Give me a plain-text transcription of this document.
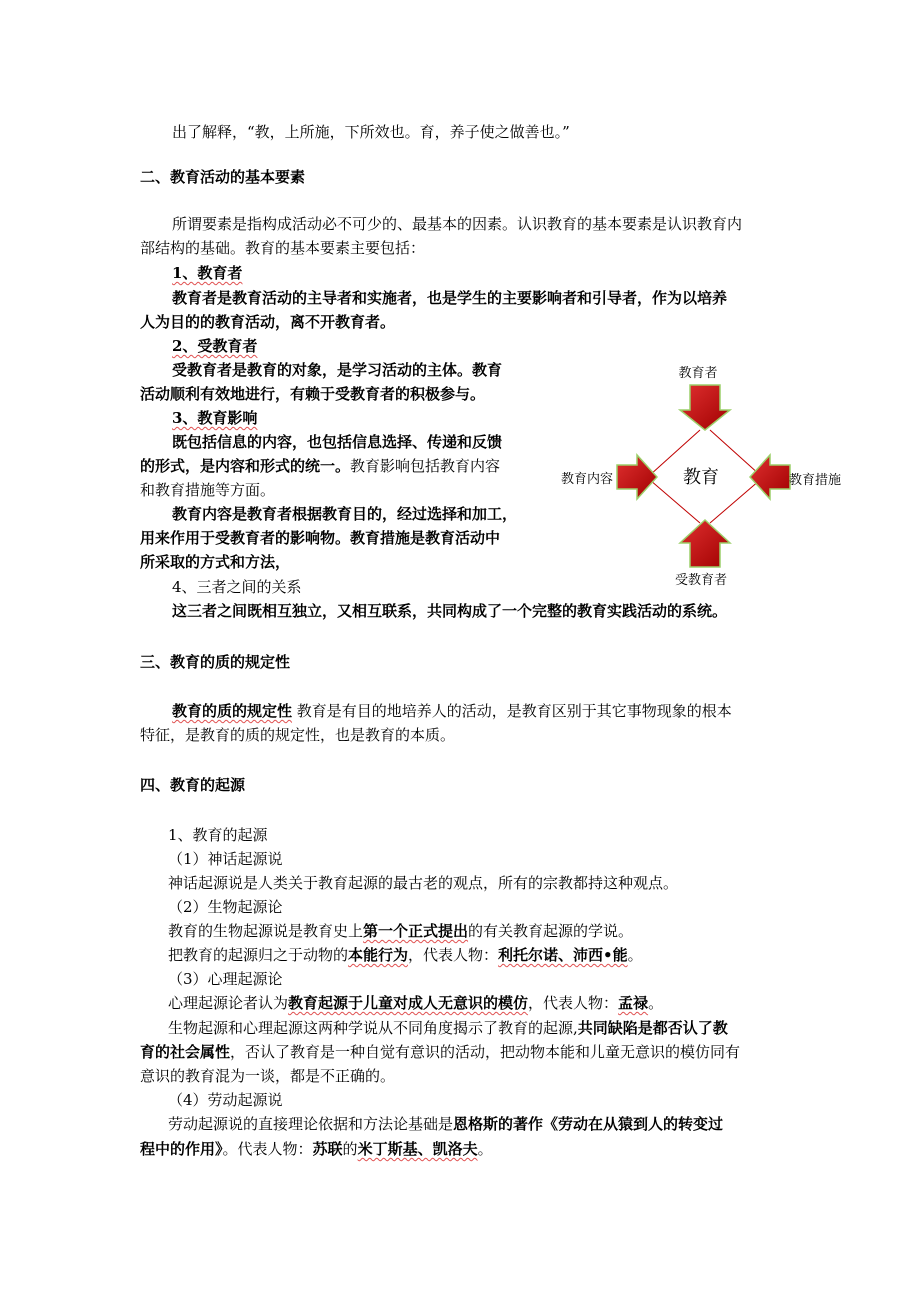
出了解释，“教，上所施，下所效也。育，养子使之做善也。”
二、教育活动的基本要素
所谓要素是指构成活动必不可少的、最基本的因素。认识教育的基本要素是认识教育内
部结构的基础。教育的基本要素主要包括：
1、教育者
教育者是教育活动的主导者和实施者，也是学生的主要影响者和引导者，作为以培养
人为目的的教育活动，离不开教育者。
2、受教育者
受教育者是教育的对象，是学习活动的主体。教育
活动顺利有效地进行，有赖于受教育者的积极参与。
3、教育影响
既包括信息的内容，也包括信息选择、传递和反馈
的形式，是内容和形式的统一。教育影响包括教育内容
和教育措施等方面。
教育内容是教育者根据教育目的，经过选择和加工，
用来作用于受教育者的影响物。教育措施是教育活动中
所采取的方式和方法，
4、三者之间的关系
这三者之间既相互独立，又相互联系，共同构成了一个完整的教育实践活动的系统。
教育
教育者
教育内容	教育措施
受教育者
三、教育的质的规定性
教育的质的规定性 教育是有目的地培养人的活动，是教育区别于其它事物现象的根本
特征，是教育的质的规定性，也是教育的本质。
四、教育的起源
1、教育的起源
（1）神话起源说
神话起源说是人类关于教育起源的最古老的观点，所有的宗教都持这种观点。
（2）生物起源论
教育的生物起源说是教育史上第一个正式提出的有关教育起源的学说。
把教育的起源归之于动物的本能行为，代表人物：利托尔诺、沛西•能。
（3）心理起源论
心理起源论者认为教育起源于儿童对成人无意识的模仿，代表人物：孟禄。
生物起源和心理起源这两种学说从不同角度揭示了教育的起源,共同缺陷是都否认了教
育的社会属性，否认了教育是一种自觉有意识的活动，把动物本能和儿童无意识的模仿同有
意识的教育混为一谈，都是不正确的。
（4）劳动起源说
劳动起源说的直接理论依据和方法论基础是恩格斯的著作《劳动在从猿到人的转变过
程中的作用》。代表人物：苏联的米丁斯基、凯洛夫。
